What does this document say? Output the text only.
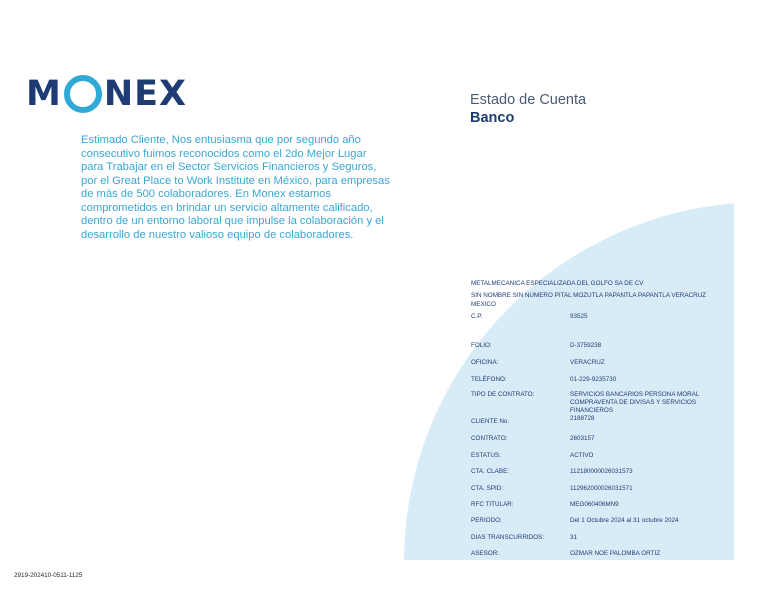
M NEX

Estimado Cliente, Nos entusiasma que por segundo año consecutivo fuimos reconocidos como el 2do Mejor Lugar para Trabajar en el Sector Servicios Financieros y Seguros, por el Great Place to Work Institute en México, para empresas de más de 500 colaboradores. En Monex estamos comprometidos en brindar un servicio altamente calificado, dentro de un entorno laboral que impulse la colaboración y el desarrollo de nuestro valioso equipo de colaboradores.

Estado de Cuenta

Banco

METALMECANICA ESPECIALIZADA DEL GOLFO SA DE CV
SIN NOMBRE SIN NUMERO PITAL MOZUTLA PAPANTLA PAPANTLA VERACRUZ
MEXICO
C.P.	93525
FOLIO:	D-3759238
OFICINA:	VERACRUZ
TELÉFONO:	01-229-9235730
TIPO DE CONTRATO:	SERVICIOS BANCARIOS PERSONA MORAL COMPRAVENTA DE DIVISAS Y SERVICIOS FINANCIEROS
CLIENTE No.	2188728
CONTRATO:	2603157
ESTATUS:	ACTIVO
CTA. CLABE:	112180000026031573
CTA. SPID:	112962000026031571
RFC TITULAR:	MEG060406MN9
PERIODO:	Del 1 Octubre 2024 al 31 octubre 2024
DIAS TRANSCURRIDOS:	31
ASESOR:	OZMAR NOE PALOMBA ORTIZ
2919-202410-0511-1125
